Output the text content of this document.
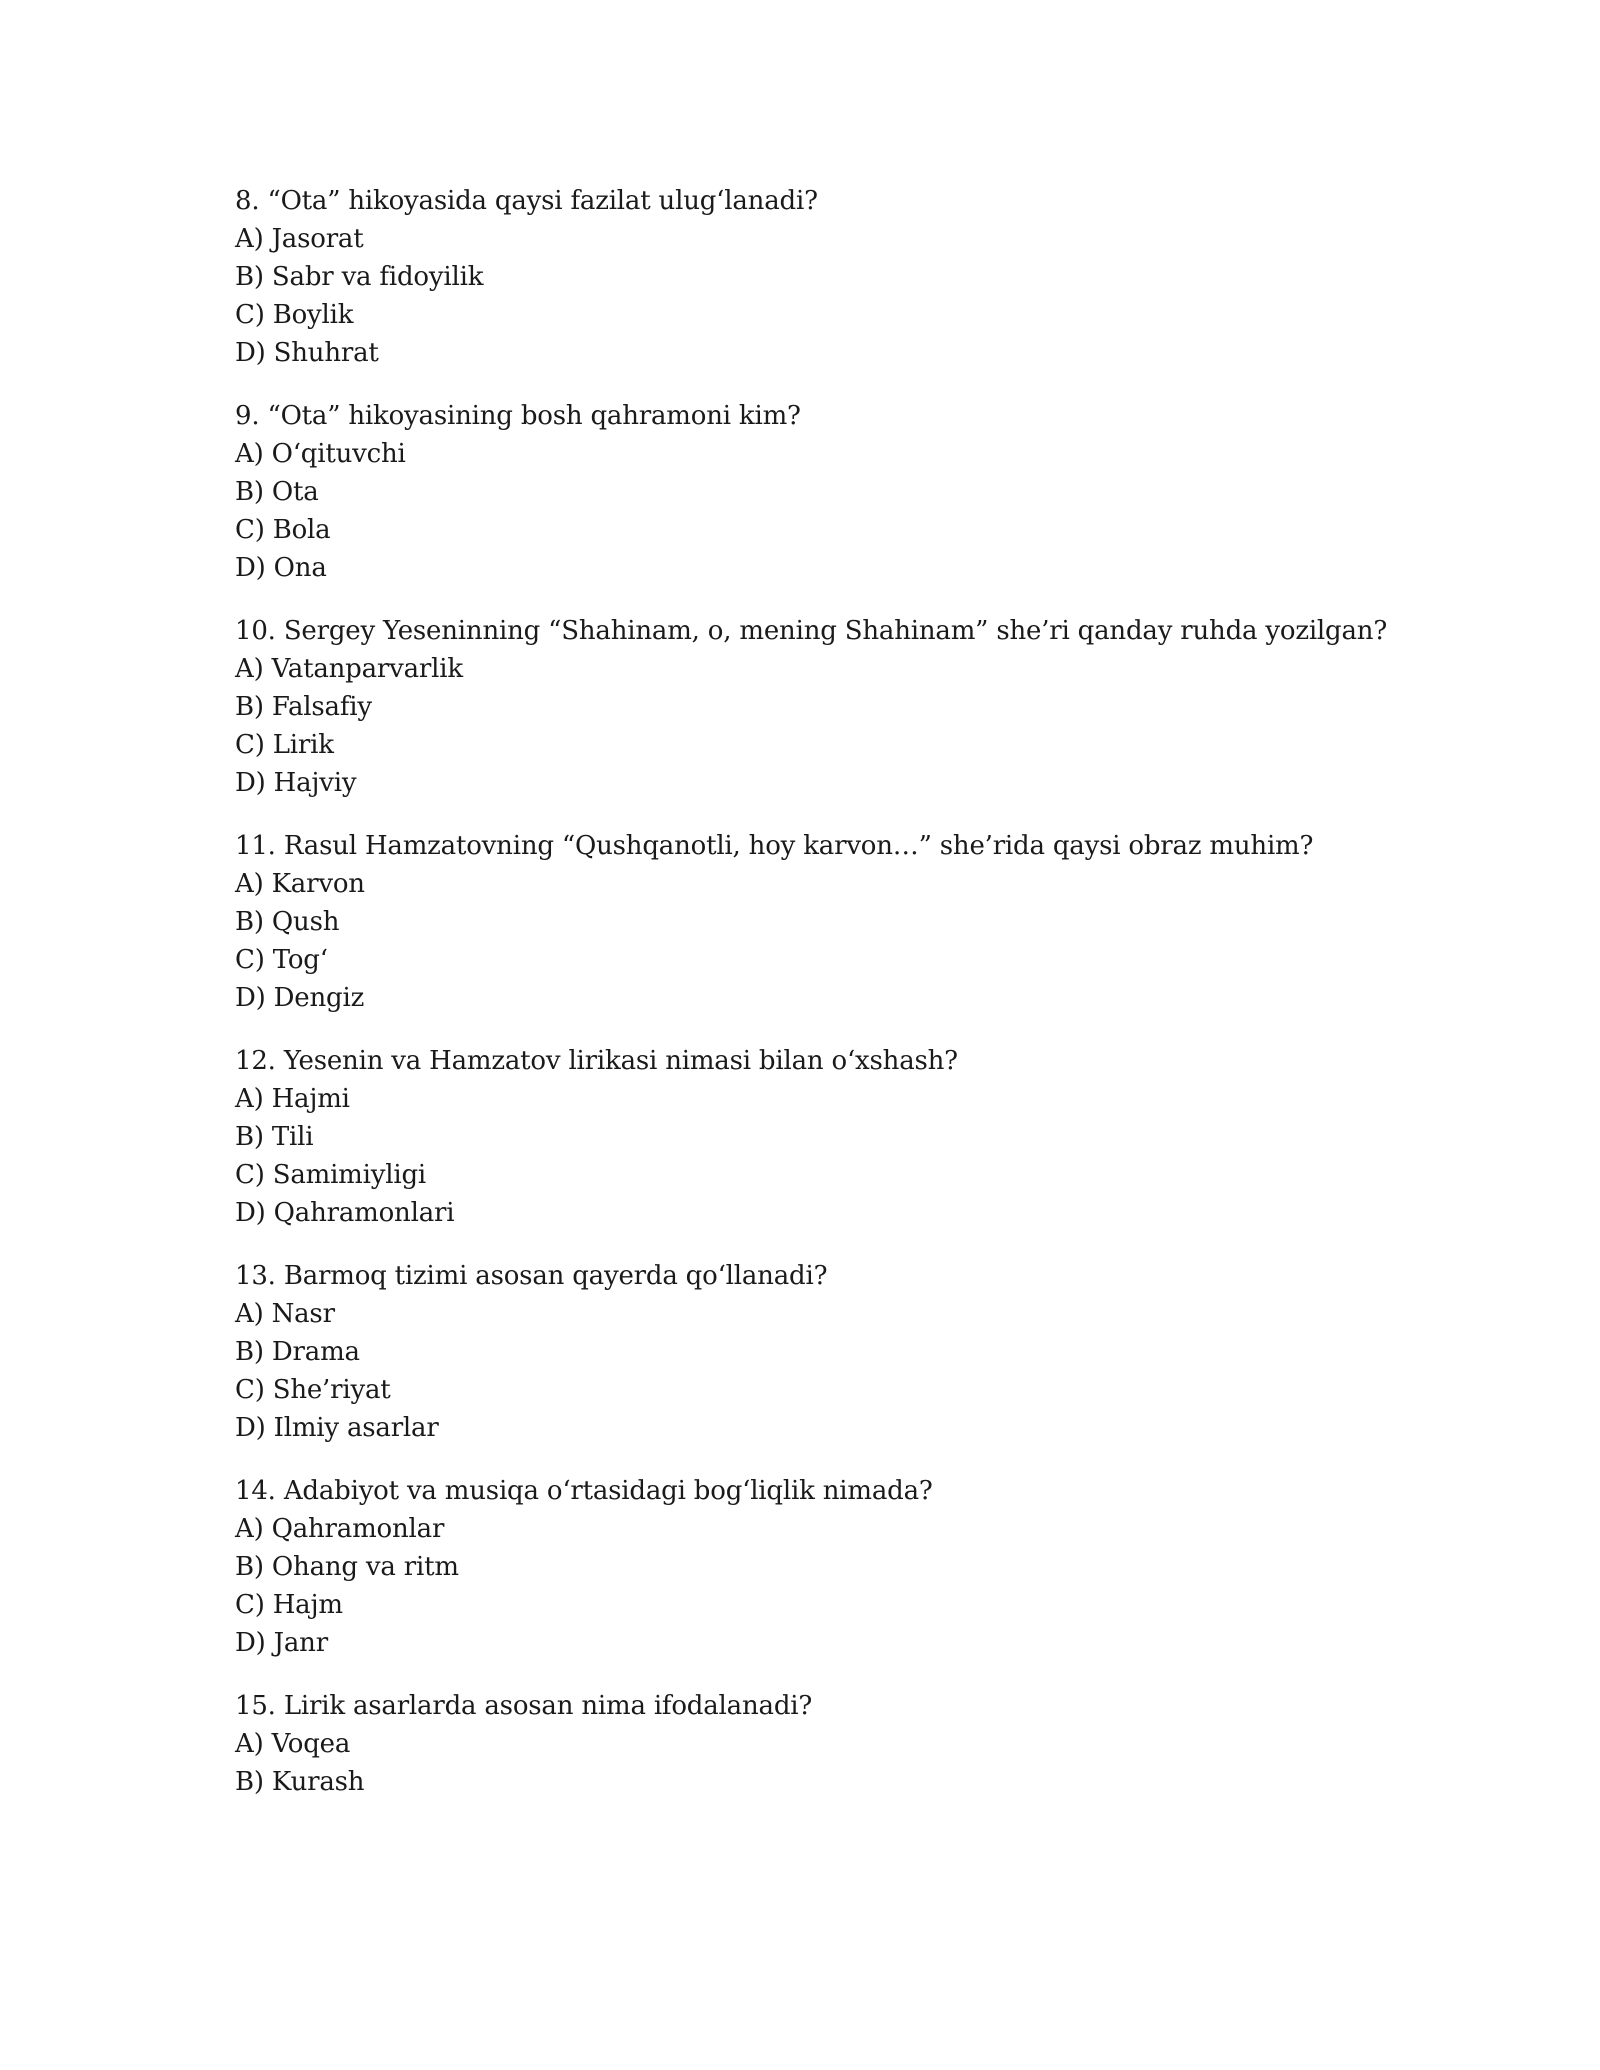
8. “Ota” hikoyasida qaysi fazilat ulug‘lanadi?
A) Jasorat
B) Sabr va fidoyilik
C) Boylik
D) Shuhrat
9. “Ota” hikoyasining bosh qahramoni kim?
A) O‘qituvchi
B) Ota
C) Bola
D) Ona
10. Sergey Yeseninning “Shahinam, o, mening Shahinam” she’ri qanday ruhda yozilgan?
A) Vatanparvarlik
B) Falsafiy
C) Lirik
D) Hajviy
11. Rasul Hamzatovning “Qushqanotli, hoy karvon…” she’rida qaysi obraz muhim?
A) Karvon
B) Qush
C) Tog‘
D) Dengiz
12. Yesenin va Hamzatov lirikasi nimasi bilan o‘xshash?
A) Hajmi
B) Tili
C) Samimiyligi
D) Qahramonlari
13. Barmoq tizimi asosan qayerda qo‘llanadi?
A) Nasr
B) Drama
C) She’riyat
D) Ilmiy asarlar
14. Adabiyot va musiqa o‘rtasidagi bog‘liqlik nimada?
A) Qahramonlar
B) Ohang va ritm
C) Hajm
D) Janr
15. Lirik asarlarda asosan nima ifodalanadi?
A) Voqea
B) Kurash
